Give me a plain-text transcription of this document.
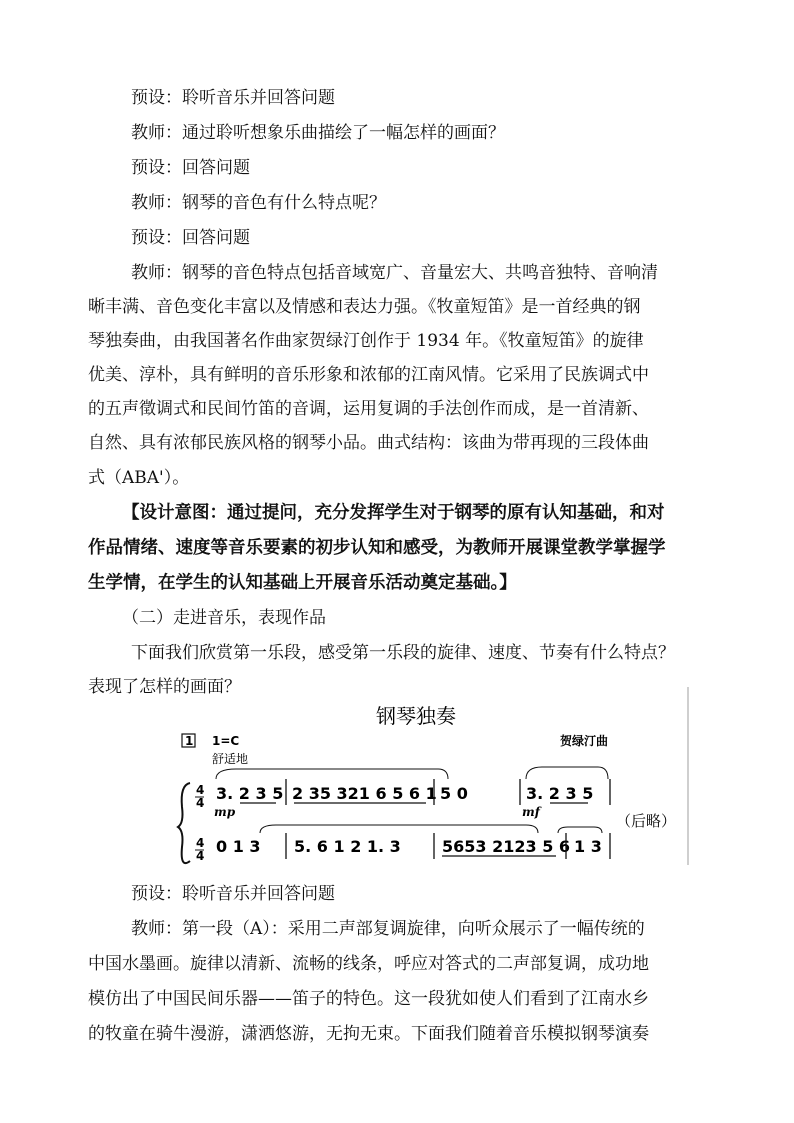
预设：聆听音乐并回答问题
教师：通过聆听想象乐曲描绘了一幅怎样的画面？
预设：回答问题
教师：钢琴的音色有什么特点呢？
预设：回答问题
教师：钢琴的音色特点包括音域宽广、音量宏大、共鸣音独特、音响清
晰丰满、音色变化丰富以及情感和表达力强。《牧童短笛》是一首经典的钢
琴独奏曲，由我国著名作曲家贺绿汀创作于 1934 年。《牧童短笛》的旋律
优美、淳朴，具有鲜明的音乐形象和浓郁的江南风情。它采用了民族调式中
的五声徵调式和民间竹笛的音调，运用复调的手法创作而成，是一首清新、
自然、具有浓郁民族风格的钢琴小品。曲式结构：该曲为带再现的三段体曲
式（ABA'）。
【设计意图：通过提问，充分发挥学生对于钢琴的原有认知基础，和对
作品情绪、速度等音乐要素的初步认知和感受，为教师开展课堂教学掌握学
生学情，在学生的认知基础上开展音乐活动奠定基础。】
（二）走进音乐，表现作品
下面我们欣赏第一乐段，感受第一乐段的旋律、速度、节奏有什么特点？
表现了怎样的画面？
钢琴独奏
1 1=C
舒适地
贺绿汀曲
4
4
4
4
3. 2 3 5 2 35 321 6 5 6 1 5 0	3. 2 3 5
mp	mf
0 1 3 5. 6 1 2 1. 3	5653 2123 5 6 1 3
（后略）
预设：聆听音乐并回答问题
教师：第一段（A）：采用二声部复调旋律，向听众展示了一幅传统的
中国水墨画。旋律以清新、流畅的线条，呼应对答式的二声部复调，成功地
模仿出了中国民间乐器——笛子的特色。这一段犹如使人们看到了江南水乡
的牧童在骑牛漫游，潇洒悠游，无拘无束。下面我们随着音乐模拟钢琴演奏
